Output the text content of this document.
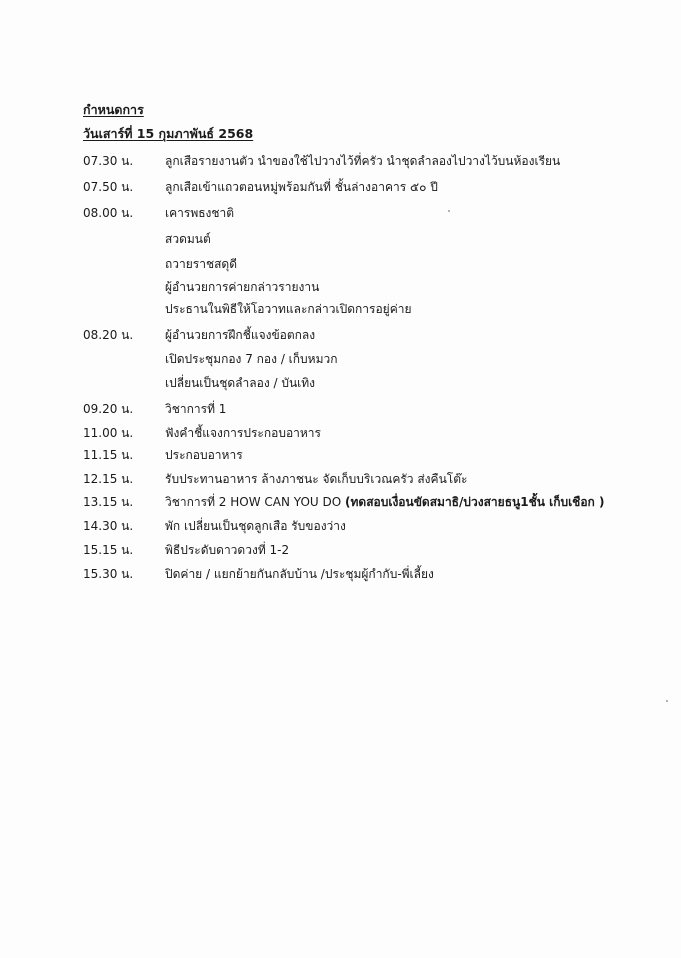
กำหนดการ
วันเสาร์ที่ 15 กุมภาพันธ์ 2568
07.30 น.	ลูกเสือรายงานตัว นำของใช้ไปวางไว้ที่ครัว นำชุดลำลองไปวางไว้บนห้องเรียน
07.50 น.	ลูกเสือเข้าแถวตอนหมู่พร้อมกันที่ ชั้นล่างอาคาร ๕๐ ปี
08.00 น.	เคารพธงชาติ
สวดมนต์
ถวายราชสดุดี
ผู้อำนวยการค่ายกล่าวรายงาน
ประธานในพิธีให้โอวาทและกล่าวเปิดการอยู่ค่าย
08.20 น.	ผู้อำนวยการฝึกชี้แจงข้อตกลง
เปิดประชุมกอง 7 กอง / เก็บหมวก
เปลี่ยนเป็นชุดลำลอง / บันเทิง
09.20 น.	วิชาการที่ 1
11.00 น.	ฟังคำชี้แจงการประกอบอาหาร
11.15 น.	ประกอบอาหาร
12.15 น.	รับประทานอาหาร ล้างภาชนะ จัดเก็บบริเวณครัว ส่งคืนโต๊ะ
13.15 น.	วิชาการที่ 2 HOW CAN YOU DO (ทดสอบเงื่อนขัดสมาธิ/บ่วงสายธนู1ชั้น เก็บเชือก )
14.30 น.	พัก เปลี่ยนเป็นชุดลูกเสือ รับของว่าง
15.15 น.	พิธีประดับดาวดวงที่ 1-2
15.30 น.	ปิดค่าย / แยกย้ายกันกลับบ้าน /ประชุมผู้กำกับ-พี่เลี้ยง
